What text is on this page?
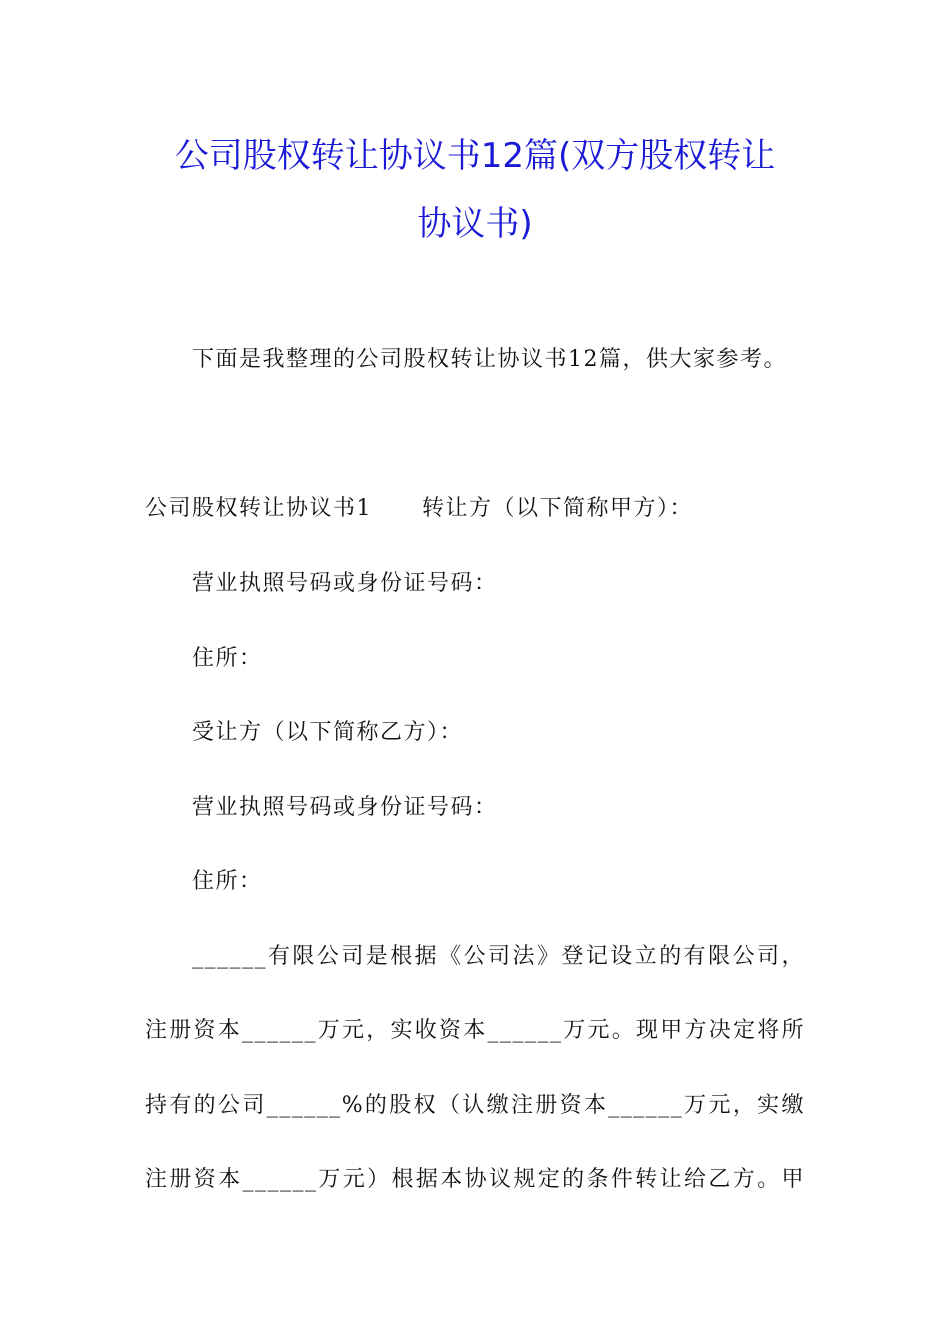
公司股权转让协议书12篇(双方股权转让
协议书)
下面是我整理的公司股权转让协议书12篇，供大家参考。
公司股权转让协议书1 转让方（以下简称甲方）：
营业执照号码或身份证号码：
住所：
受让方（以下简称乙方）：
营业执照号码或身份证号码：
住所：
______有限公司是根据《公司法》登记设立的有限公司，
注册资本______万元，实收资本______万元。现甲方决定将所
持有的公司______%的股权（认缴注册资本______万元，实缴
注册资本______万元）根据本协议规定的条件转让给乙方。甲
